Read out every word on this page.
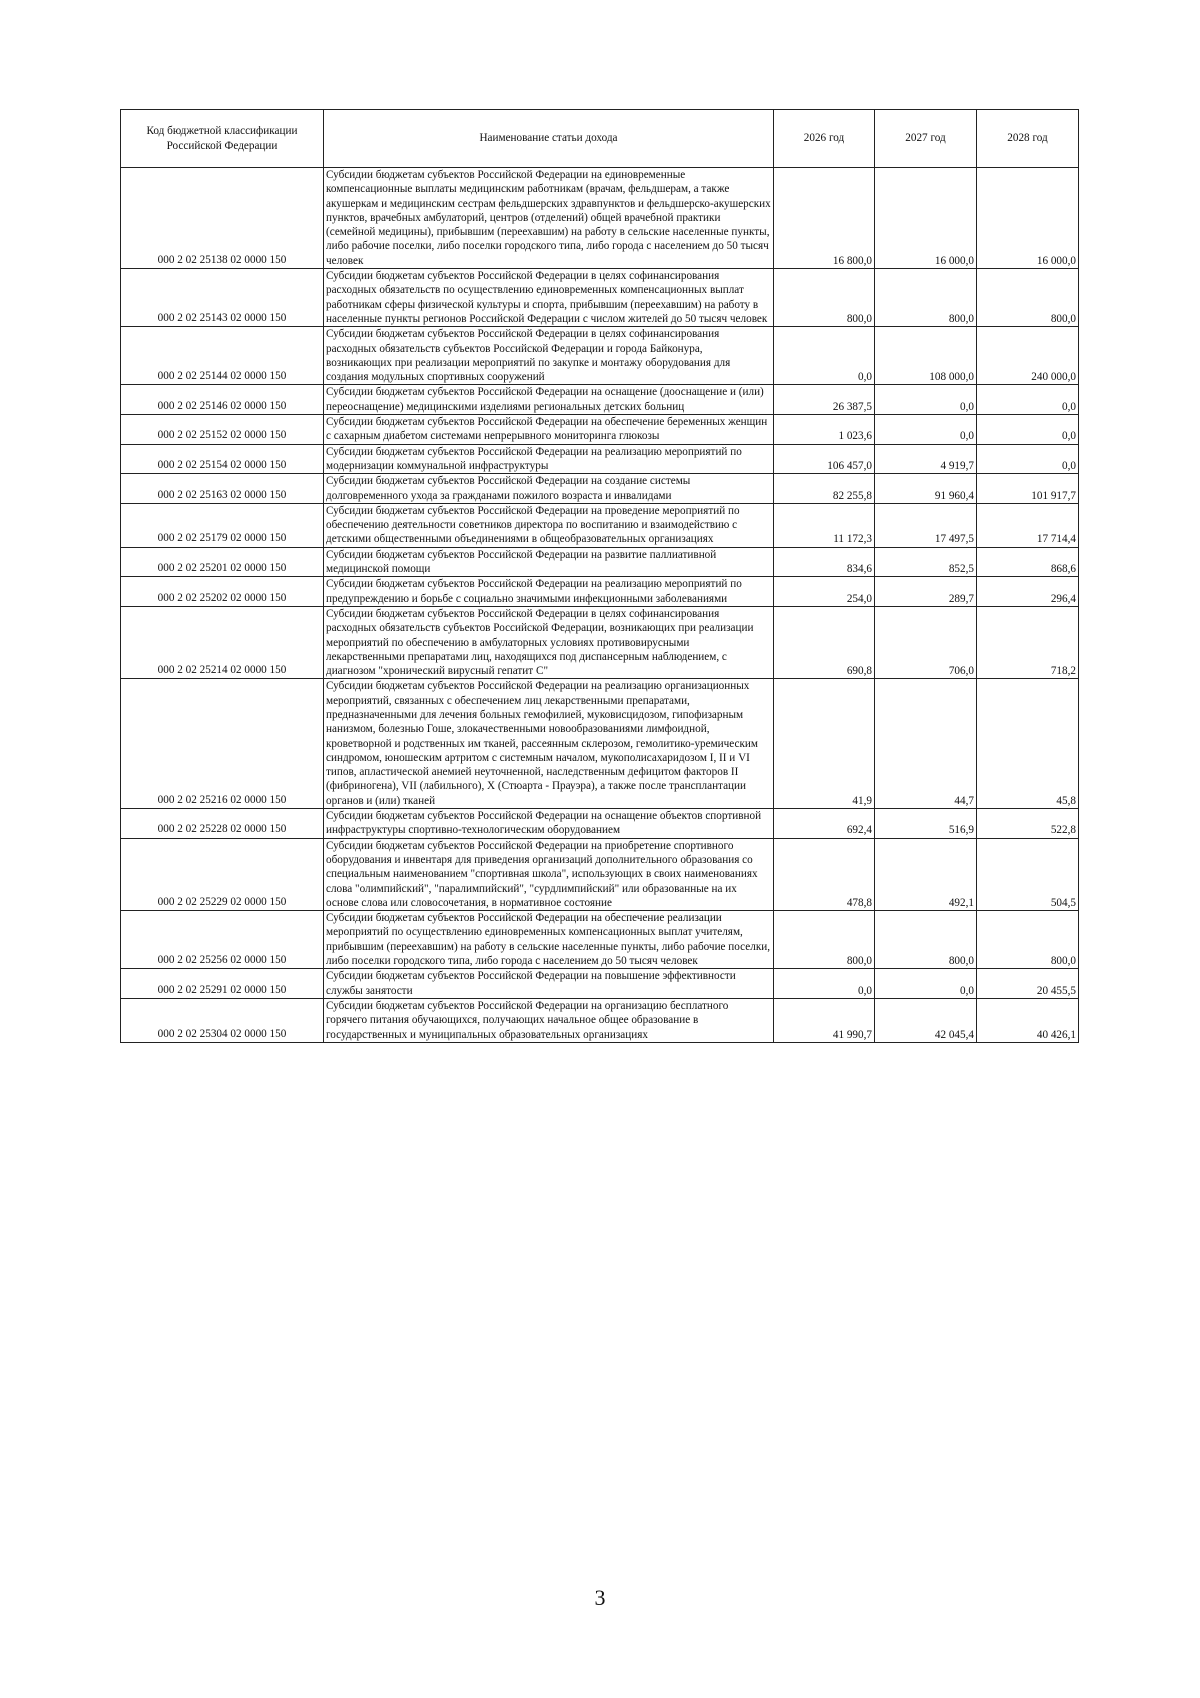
Код бюджетной классификации Российской Федерации	Наименование статьи дохода	2026 год	2027 год	2028 год
000 2 02 25138 02 0000 150	Субсидии бюджетам субъектов Российской Федерации на единовременные компенсационные выплаты медицинским работникам (врачам, фельдшерам, а также акушеркам и медицинским сестрам фельдшерских здравпунктов и фельдшерско-акушерских пунктов, врачебных амбулаторий, центров (отделений) общей врачебной практики (семейной медицины), прибывшим (переехавшим) на работу в сельские населенные пункты, либо рабочие поселки, либо поселки городского типа, либо города с населением до 50 тысяч человек	16 800,0	16 000,0	16 000,0
000 2 02 25143 02 0000 150	Субсидии бюджетам субъектов Российской Федерации в целях софинансирования расходных обязательств по осуществлению единовременных компенсационных выплат работникам сферы физической культуры и спорта, прибывшим (переехавшим) на работу в населенные пункты регионов Российской Федерации с числом жителей до 50 тысяч человек	800,0	800,0	800,0
000 2 02 25144 02 0000 150	Субсидии бюджетам субъектов Российской Федерации в целях софинансирования расходных обязательств субъектов Российской Федерации и города Байконура, возникающих при реализации мероприятий по закупке и монтажу оборудования для создания модульных спортивных сооружений	0,0	108 000,0	240 000,0
000 2 02 25146 02 0000 150	Субсидии бюджетам субъектов Российской Федерации на оснащение (дооснащение и (или) переоснащение) медицинскими изделиями региональных детских больниц	26 387,5	0,0	0,0
000 2 02 25152 02 0000 150	Субсидии бюджетам субъектов Российской Федерации на обеспечение беременных женщин с сахарным диабетом системами непрерывного мониторинга глюкозы	1 023,6	0,0	0,0
000 2 02 25154 02 0000 150	Субсидии бюджетам субъектов Российской Федерации на реализацию мероприятий по модернизации коммунальной инфраструктуры	106 457,0	4 919,7	0,0
000 2 02 25163 02 0000 150	Субсидии бюджетам субъектов Российской Федерации на создание системы долговременного ухода за гражданами пожилого возраста и инвалидами	82 255,8	91 960,4	101 917,7
000 2 02 25179 02 0000 150	Субсидии бюджетам субъектов Российской Федерации на проведение мероприятий по обеспечению деятельности советников директора по воспитанию и взаимодействию с детскими общественными объединениями в общеобразовательных организациях	11 172,3	17 497,5	17 714,4
000 2 02 25201 02 0000 150	Субсидии бюджетам субъектов Российской Федерации на развитие паллиативной медицинской помощи	834,6	852,5	868,6
000 2 02 25202 02 0000 150	Субсидии бюджетам субъектов Российской Федерации на реализацию мероприятий по предупреждению и борьбе с социально значимыми инфекционными заболеваниями	254,0	289,7	296,4
000 2 02 25214 02 0000 150	Субсидии бюджетам субъектов Российской Федерации в целях софинансирования расходных обязательств субъектов Российской Федерации, возникающих при реализации мероприятий по обеспечению в амбулаторных условиях противовирусными лекарственными препаратами лиц, находящихся под диспансерным наблюдением, с диагнозом "хронический вирусный гепатит С"	690,8	706,0	718,2
000 2 02 25216 02 0000 150	Субсидии бюджетам субъектов Российской Федерации на реализацию организационных мероприятий, связанных с обеспечением лиц лекарственными препаратами, предназначенными для лечения больных гемофилией, муковисцидозом, гипофизарным нанизмом, болезнью Гоше, злокачественными новообразованиями лимфоидной, кроветворной и родственных им тканей, рассеянным склерозом, гемолитико-уремическим синдромом, юношеским артритом с системным началом, мукополисахаридозом I, II и VI типов, апластической анемией неуточненной, наследственным дефицитом факторов II (фибриногена), VII (лабильного), X (Стюарта - Прауэра), а также после трансплантации органов и (или) тканей	41,9	44,7	45,8
000 2 02 25228 02 0000 150	Субсидии бюджетам субъектов Российской Федерации на оснащение объектов спортивной инфраструктуры спортивно-технологическим оборудованием	692,4	516,9	522,8
000 2 02 25229 02 0000 150	Субсидии бюджетам субъектов Российской Федерации на приобретение спортивного оборудования и инвентаря для приведения организаций дополнительного образования со специальным наименованием "спортивная школа", использующих в своих наименованиях слова "олимпийский", "паралимпийский", "сурдлимпийский" или образованные на их основе слова или словосочетания, в нормативное состояние	478,8	492,1	504,5
000 2 02 25256 02 0000 150	Субсидии бюджетам субъектов Российской Федерации на обеспечение реализации мероприятий по осуществлению единовременных компенсационных выплат учителям, прибывшим (переехавшим) на работу в сельские населенные пункты, либо рабочие поселки, либо поселки городского типа, либо города с населением до 50 тысяч человек	800,0	800,0	800,0
000 2 02 25291 02 0000 150	Субсидии бюджетам субъектов Российской Федерации на повышение эффективности службы занятости	0,0	0,0	20 455,5
000 2 02 25304 02 0000 150	Субсидии бюджетам субъектов Российской Федерации на организацию бесплатного горячего питания обучающихся, получающих начальное общее образование в государственных и муниципальных образовательных организациях	41 990,7	42 045,4	40 426,1
3
